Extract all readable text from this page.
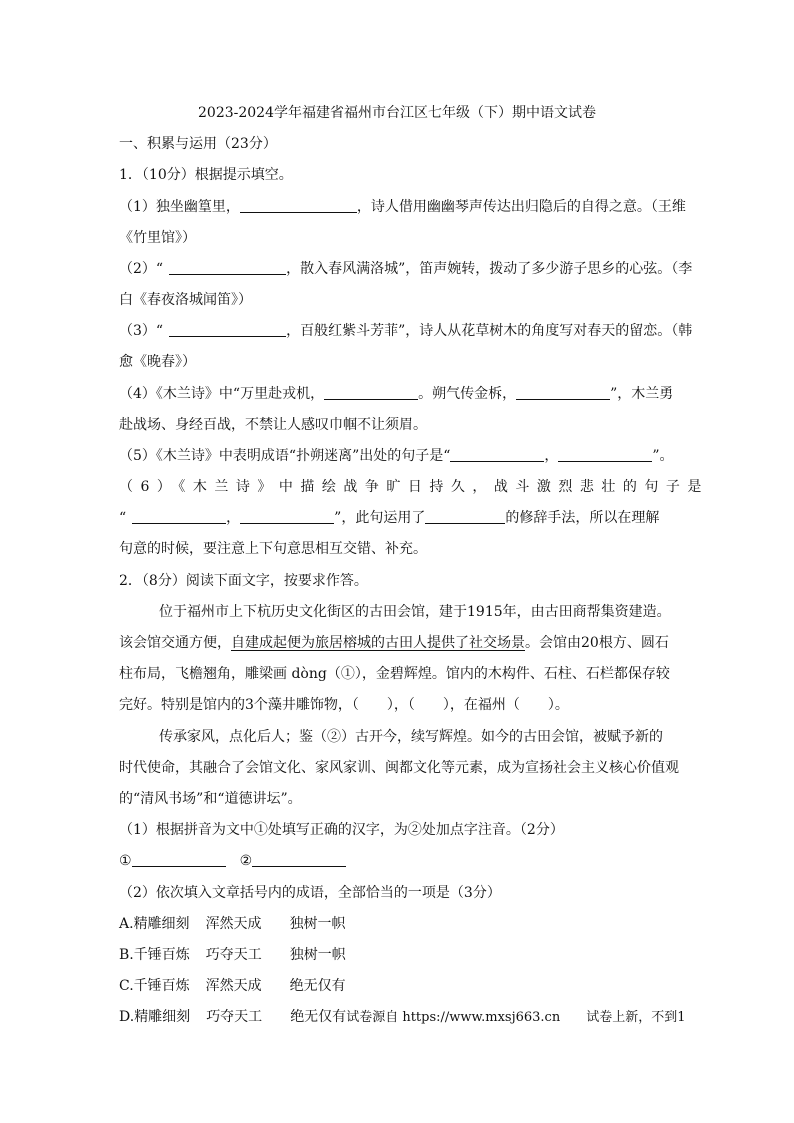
2023-2024学年福建省福州市台江区七年级（下）期中语文试卷
一、积累与运用（23分）
1．（10分）根据提示填空。
（1）独坐幽篁里，	，诗人借用幽幽琴声传达出归隐后的自得之意。（王维
《竹里馆》）
（2）“	，散入春风满洛城”，笛声婉转，拨动了多少游子思乡的心弦。（李
白《春夜洛城闻笛》）
（3）“	，百般红紫斗芳菲”，诗人从花草树木的角度写对春天的留恋。（韩
愈《晚春》）
（4）《木兰诗》中“万里赴戎机，	。朔气传金柝，	”，木兰勇
赴战场、身经百战，不禁让人感叹巾帼不让须眉。
（5）《木兰诗》中表明成语“扑朔迷离”出处的句子是“	，	”。
（6）《木兰诗》中描绘战争旷日持久，战斗激烈悲壮的句子是
“	，	”，此句运用了	的修辞手法，所以在理解
句意的时候，要注意上下句意思相互交错、补充。
2．（8分）阅读下面文字，按要求作答。
位于福州市上下杭历史文化街区的古田会馆，建于1915年，由古田商帮集资建造。
该会馆交通方便，自建成起便为旅居榕城的古田人提供了社交场景。会馆由20根方、圆石
柱布局，飞檐翘角，雕梁画 dòng（①），金碧辉煌。馆内的木构件、石柱、石栏都保存较
完好。特别是馆内的3个藻井雕饰物，（　　），（　　），在福州（　　）。
传承家风，点化后人；鉴（②）古开今，续写辉煌。如今的古田会馆，被赋予新的
时代使命，其融合了会馆文化、家风家训、闽都文化等元素，成为宣扬社会主义核心价值观
的“清风书场”和“道德讲坛”。
（1）根据拼音为文中①处填写正确的汉字，为②处加点字注音。（2分）
①	②
（2）依次填入文章括号内的成语，全部恰当的一项是（3分）
A.精雕细刻 浑然天成 独树一帜
B.千锤百炼 巧夺天工 独树一帜
C.千锤百炼 浑然天成 绝无仅有
D.精雕细刻 巧夺天工 绝无仅有试卷源自 https://www.mxsj663.cn　　试卷上新，不到1
